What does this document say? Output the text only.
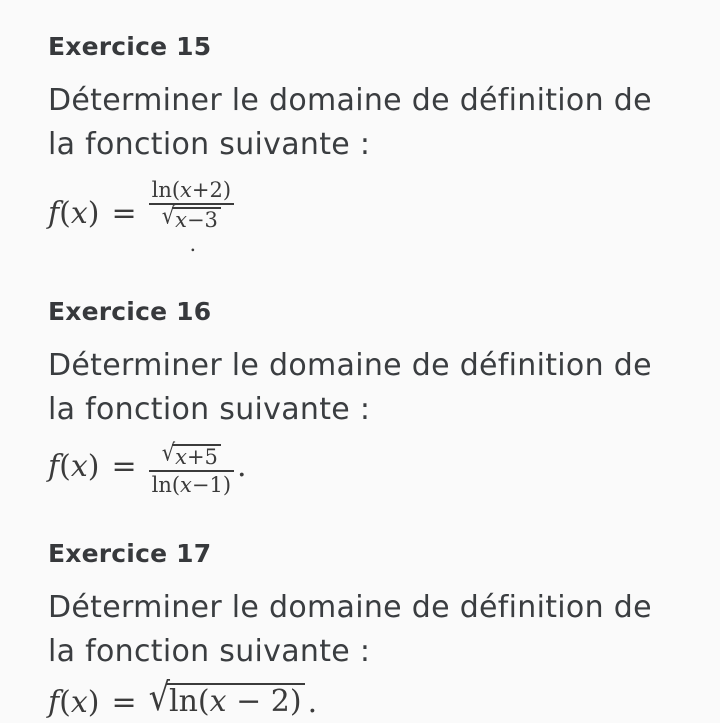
Exercice 15
Déterminer le domaine de définition de
la fonction suivante :
f(x) =
ln(x+2)
√ x−3
.
Exercice 16
Déterminer le domaine de définition de
la fonction suivante :
$f(x) = \frac{√ x+5}{\ln(x-1)}$ .
Exercice 17
Déterminer le domaine de définition de
la fonction suivante :
f(x) = √ ln(x − 2) .
